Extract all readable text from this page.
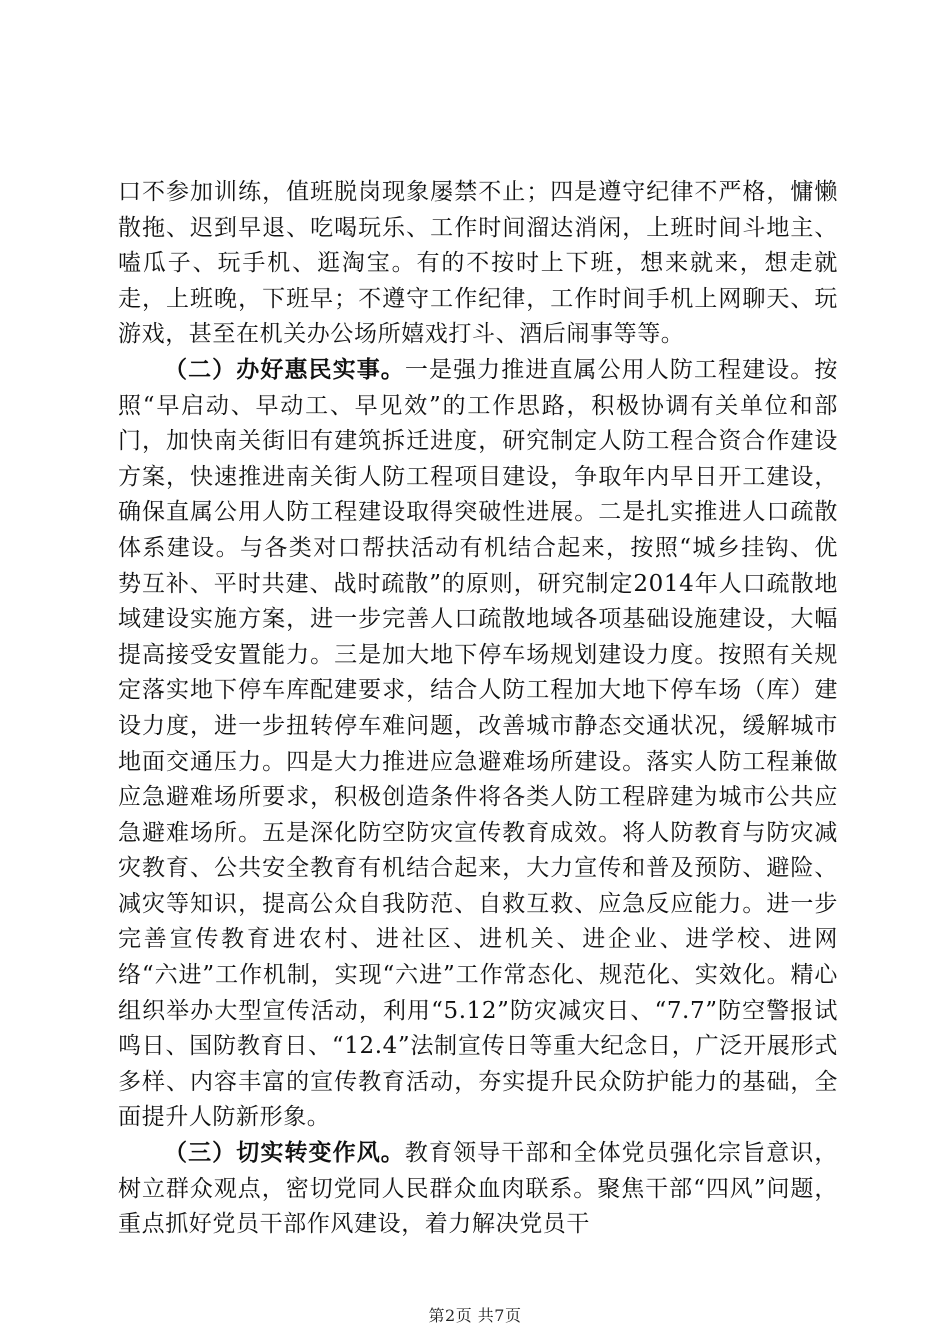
口不参加训练，值班脱岗现象屡禁不止；四是遵守纪律不严格，慵懒散拖、迟到早退、吃喝玩乐、工作时间溜达消闲，上班时间斗地主、嗑瓜子、玩手机、逛淘宝。有的不按时上下班，想来就来，想走就走，上班晚，下班早；不遵守工作纪律，工作时间手机上网聊天、玩游戏，甚至在机关办公场所嬉戏打斗、酒后闹事等等。

（二）办好惠民实事。一是强力推进直属公用人防工程建设。按照“早启动、早动工、早见效”的工作思路，积极协调有关单位和部门，加快南关街旧有建筑拆迁进度，研究制定人防工程合资合作建设方案，快速推进南关街人防工程项目建设，争取年内早日开工建设，确保直属公用人防工程建设取得突破性进展。二是扎实推进人口疏散体系建设。与各类对口帮扶活动有机结合起来，按照“城乡挂钩、优势互补、平时共建、战时疏散”的原则，研究制定2014年人口疏散地域建设实施方案，进一步完善人口疏散地域各项基础设施建设，大幅提高接受安置能力。三是加大地下停车场规划建设力度。按照有关规定落实地下停车库配建要求，结合人防工程加大地下停车场（库）建设力度，进一步扭转停车难问题，改善城市静态交通状况，缓解城市地面交通压力。四是大力推进应急避难场所建设。落实人防工程兼做应急避难场所要求，积极创造条件将各类人防工程辟建为城市公共应急避难场所。五是深化防空防灾宣传教育成效。将人防教育与防灾减灾教育、公共安全教育有机结合起来，大力宣传和普及预防、避险、减灾等知识，提高公众自我防范、自救互救、应急反应能力。进一步完善宣传教育进农村、进社区、进机关、进企业、进学校、进网络“六进”工作机制，实现“六进”工作常态化、规范化、实效化。精心组织举办大型宣传活动，利用“5.12”防灾减灾日、“7.7”防空警报试鸣日、国防教育日、“12.4”法制宣传日等重大纪念日，广泛开展形式多样、内容丰富的宣传教育活动，夯实提升民众防护能力的基础，全面提升人防新形象。

（三）切实转变作风。教育领导干部和全体党员强化宗旨意识，树立群众观点，密切党同人民群众血肉联系。聚焦干部“四风”问题，重点抓好党员干部作风建设，着力解决党员干

第2页 共7页
